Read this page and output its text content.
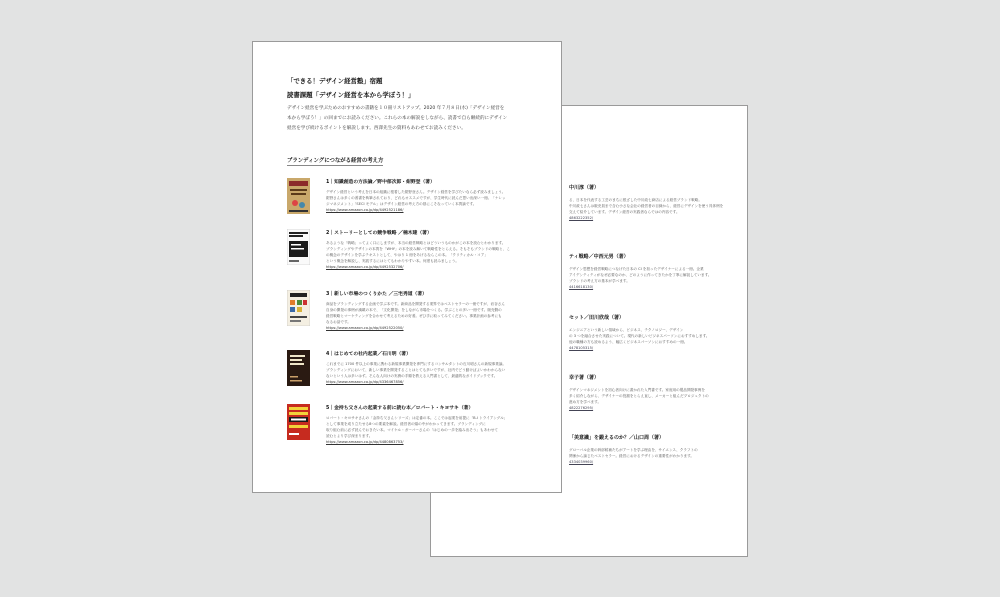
中川淳（著）
る、日本を代表する工芸のまちに根ざした中川政七商店による経営ブランド戦略。
中川政七さんは販売員まで含む小さな会社の経営者の目線から、経営にデザインを使う具体例を
交えて紹介しています。デザイン経営の実践者ならではの内容です。
4863222352/
ティ戦略／中西元男（著）
デザイン思想を経営戦略につなげた日本の CI を担ったデザイナーによる一冊。企業
アイデンティティがなぜ必要なのか、どのように作ってきたかを丁寧に解説しています。
ブランドの考え方の基本が学べます。
4416618130/
セット／田川欣哉（著）
エンジニアという新しい領域から、ビジネス、テクノロジー、デザイン
の 3 つを融合させた実践について。現代の新しいビジネスパーソンにおすすめします。
他の職種の方も読めるよう、幅広くビジネスパーソンにおすすめの一冊。
4478105315/
幸子著（著）
デザインマネジメントを初心者向けに書かれた入門書です。家庭用の製品開発事例を
多く紹介しながら、デザイナーの役割をとらえ直し、メーカーと組んだプロジェクトの
進め方を学べます。
4822276295/
「美意識」を鍛えるのか？／山口周（著）
グローバル企業の幹部候補たちがアートを学ぶ理由を、サイエンス、クラフトの
関係から論じたベストセラー。経営におけるデザインの重要性がわかります。
4334039960/
「できる！デザイン経営塾」宿題
読書課題「デザイン経営を本から学ぼう！」
デザイン経営を学ぶためのおすすめの書籍を１０冊リストアップ。2020 年７月８日(水)「デザイン経営を
本から学ぼう！」の回までにお読みください。これらの本の解説をしながら、読書で自ら継続的にデザイン
経営を学び続けるポイントを解説します。西澤先生の資料もあわせてお読みください。
ブランディングにつながる経営の考え方
1｜知識創造の方法論／野中郁次郎・紺野登（著）
デザイン経営という考えを日本の組織に根着した紺野登さん。デザイン経営を学びたいなら必ず読みましょう。
紺野さんは多くの著書を執筆されており、どれもオススメですが、学生時代に読んだ思い出深い一冊。「ナレッ
ジマネジメント」「SECI モデル」はデザイン経営の考え方の基にこそなっていく本質論です。
https://www.amazon.co.jp/dp/4492521186/
2｜ストーリーとしての競争戦略 ／楠木建（著）
あるような「戦略」ってよく口にしますが、本当の経営戦略とはどういうものかがこの本を読むとわかります。
ブランディングやデザインの本質を「WHY」の本を読み解いて戦略性をとらえる。そもそもブランドの戦略と、こ
の概念のデザインを学ぶテキストとして、やはり 1 冊をあげるならこの本。「クリティカル・コア」
という概念を解説し、実践するにはとてもわかりやすい本。何度も読みましょう。
https://www.amazon.co.jp/dp/4492532706/
3｜新しい市場のつくりかた ／三宅秀道（著）
商品をブランディングする企画で学ぶ本です。新商品を開発する業界ではベストセラーの一冊ですが、岩谷さん
自身の開発の事例が満載の本で、「文化開発」をしながら市場をつくる。学ぶことの多い一冊です。販売側の
経営戦略とマーケティングを合わせて考えるための好著。ぜひ手に取ってみてください。事業計画の参考にも
なるお話です。
https://www.amazon.co.jp/dp/4492522050/
4｜はじめての社内起業／石川明（著）
これまでに 1700 件以上の事業に携わる新規事業開発を専門にするコンサルタントの石川明さんの新規事業論。
ブランディングにおいて、新しい事業を開発することはとても多いですが、社内でどう動けばよいかわからない
ないという人は多いはず。そんな人向けの実務の手順を教える入門書として、最適的なガイドブックです。
https://www.amazon.co.jp/dp/4336467856/
5｜金持ち父さんの起業する前に読む本／ロバート・キヨサキ（著）
ロバート・キヨサキさんの「金持ち父さんシリーズ」は定番の本。ここでは起業を前提に「B-I トライアングル」
として事業を成り立たせる8つの要素を解説。経営者の頭の中がわかってきます。ブランディングに
取り組む前に必ず読んでおきたい本。マイケル・ガーバーさんの「はじめの一歩を踏み出そう」もあわせて
読むとより学び深まります。
https://www.amazon.co.jp/dp/4480863753/
